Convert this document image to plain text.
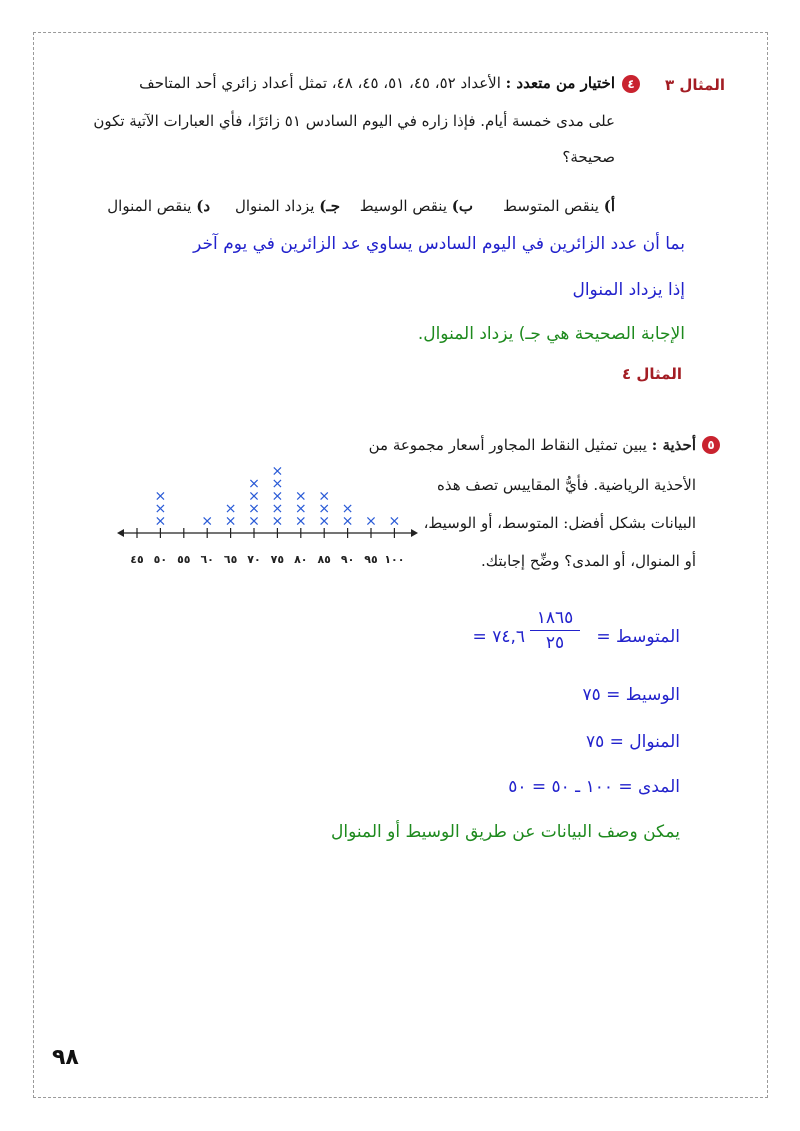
المثال ٣
٤
اختيار من متعدد : الأعداد ٥٢، ٤٥، ٥١، ٤٥، ٤٨، تمثل أعداد زائري أحد المتاحف
على مدى خمسة أيام. فإذا زاره في اليوم السادس ٥١ زائرًا، فأي العبارات الآتية تكون
صحيحة؟
أ) ينقص المتوسط
ب) ينقص الوسيط
جـ) يزداد المنوال
د) ينقص المنوال
بما أن عدد الزائرين في اليوم السادس يساوي عد الزائرين في يوم آخر
إذا يزداد المنوال
الإجابة الصحيحة هي جـ) يزداد المنوال.
المثال ٤
٥
أحذية : يبين تمثيل النقاط المجاور أسعار مجموعة من
الأحذية الرياضية. فأيُّ المقاييس تصف هذه
البيانات بشكل أفضل: المتوسط، أو الوسيط،
أو المنوال، أو المدى؟ وضِّح إجابتك.
٤٥ ٥٠ ٥٥ ٦٠ ٦٥ ٧٠ ٧٥ ٨٠ ٨٥ ٩٠ ٩٥ ١٠٠
المتوسط =
١٨٦٥
٢٥
= ٧٤,٦
الوسيط = ٧٥
المنوال = ٧٥
المدى = ١٠٠ ـ ٥٠ = ٥٠
يمكن وصف البيانات عن طريق الوسيط أو المنوال
٩٨
